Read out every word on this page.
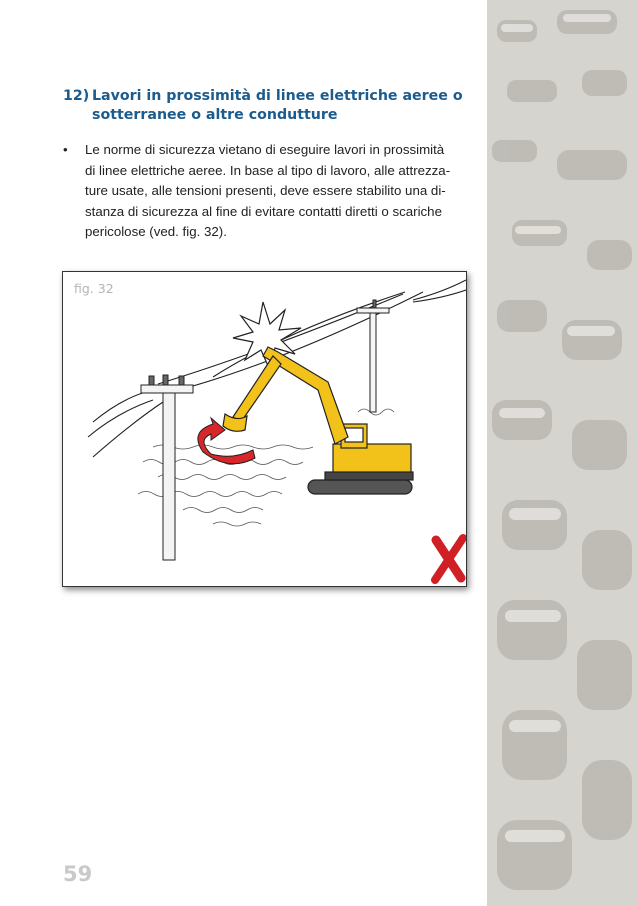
12) Lavori in prossimità di linee elettriche aeree o
sotterranee o altre condutture
• Le norme di sicurezza vietano di eseguire lavori in prossimità
di linee elettriche aeree. In base al tipo di lavoro, alle attrezza-
ture usate, alle tensioni presenti, deve essere stabilito una di-
stanza di sicurezza al fine di evitare contatti diretti o scariche
pericolose (ved. fig. 32).
fig. 32
59
